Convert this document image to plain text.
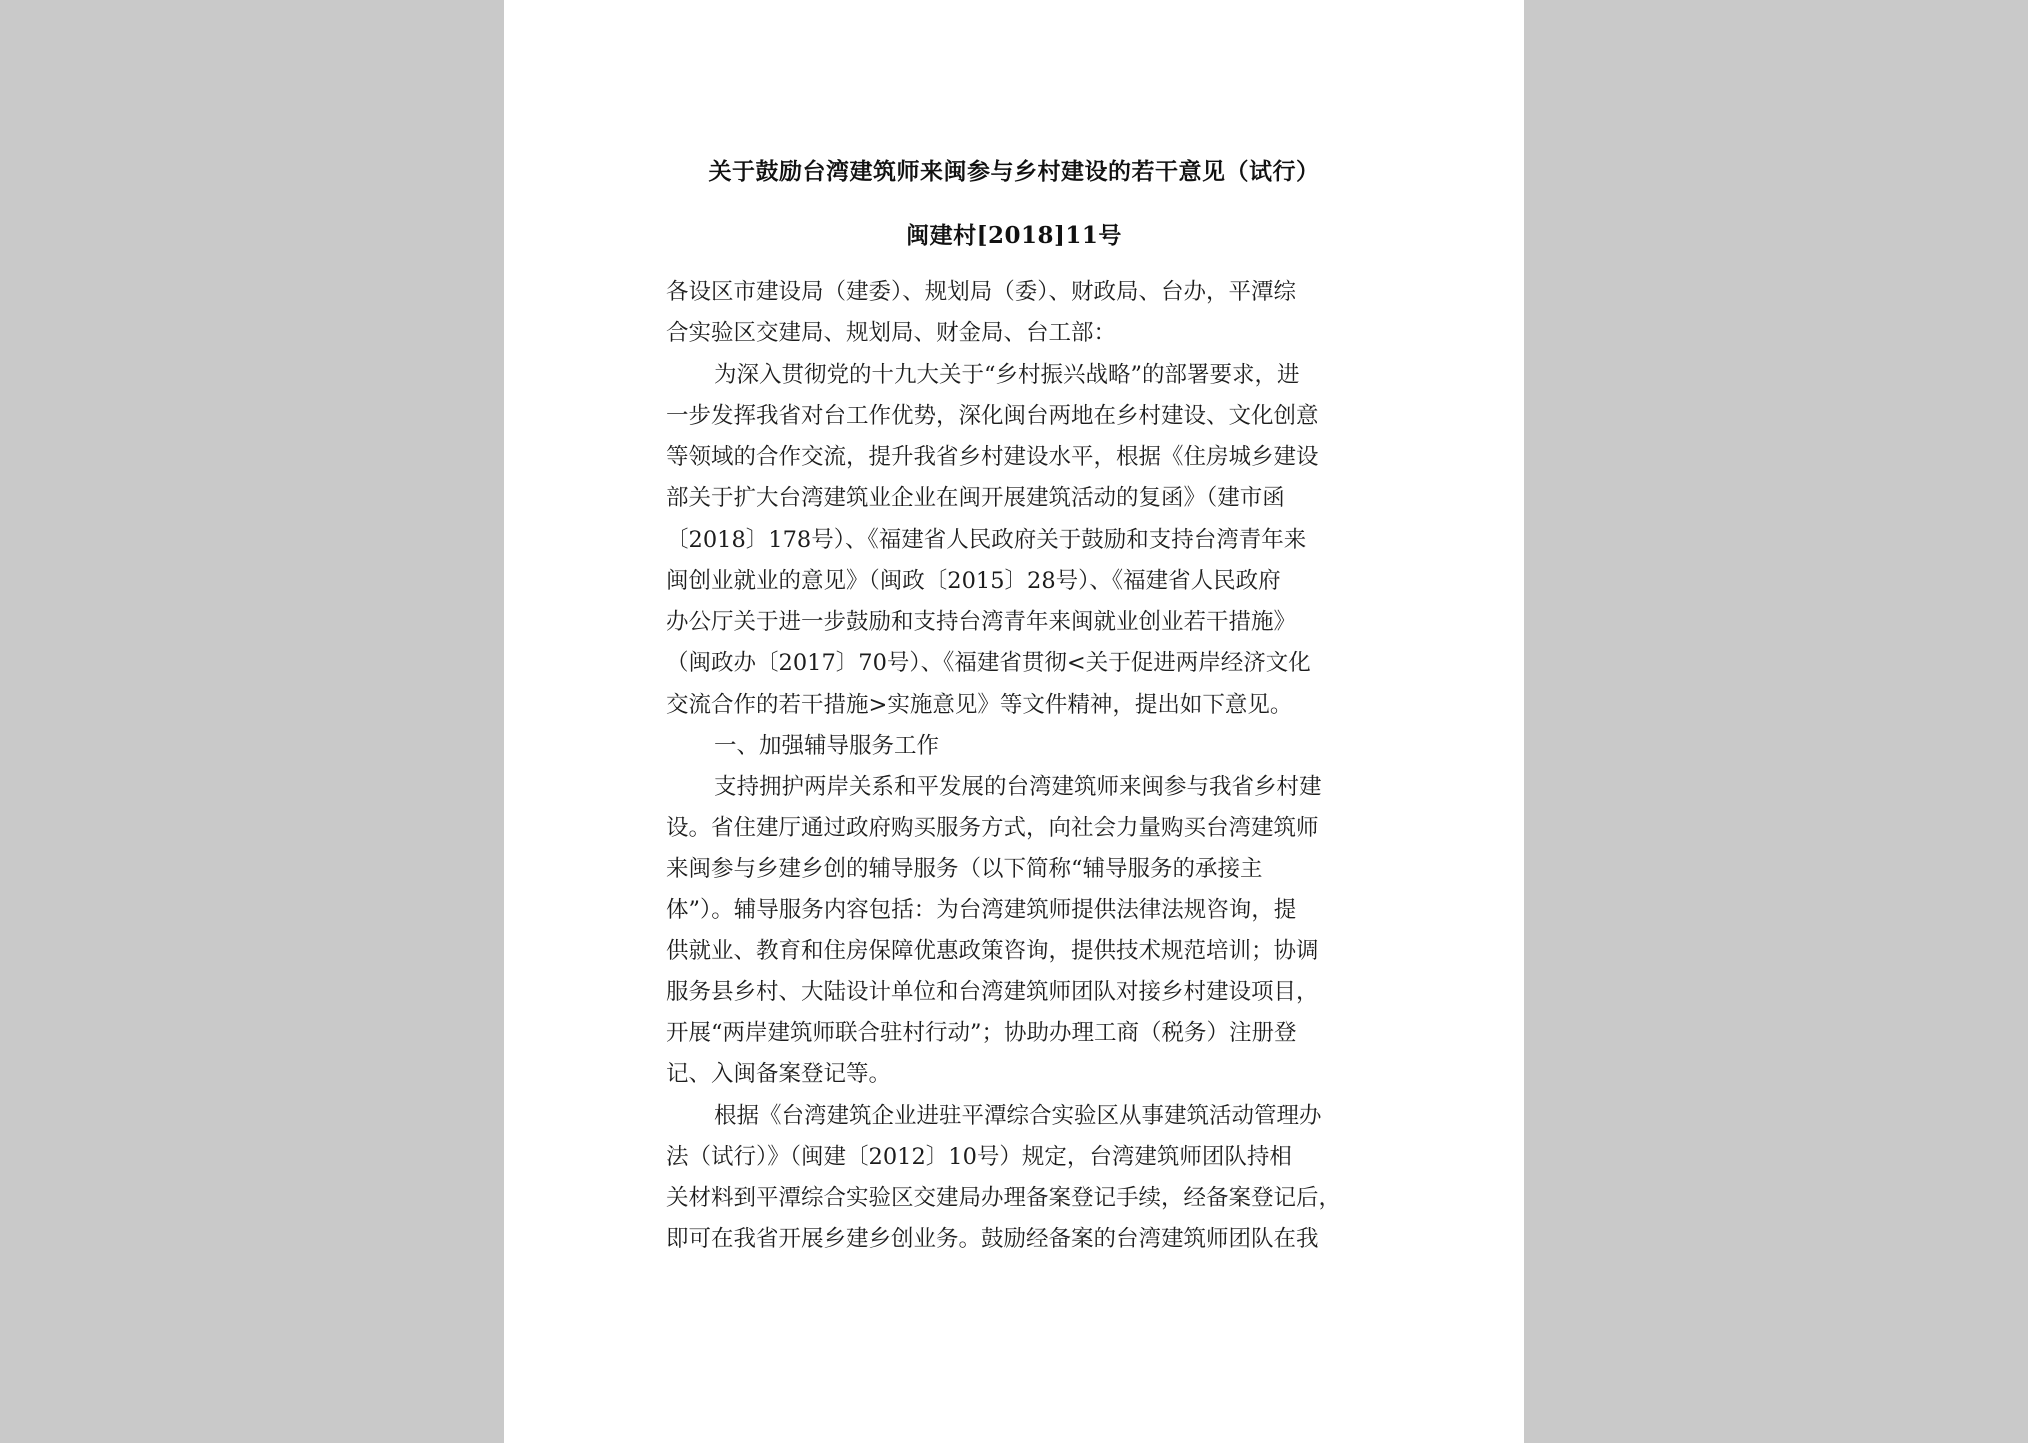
关于鼓励台湾建筑师来闽参与乡村建设的若干意见（试行）
闽建村[2018]11号
各设区市建设局（建委）、规划局（委）、财政局、台办，平潭综
合实验区交建局、规划局、财金局、台工部：
为深入贯彻党的十九大关于“乡村振兴战略”的部署要求，进
一步发挥我省对台工作优势，深化闽台两地在乡村建设、文化创意
等领域的合作交流，提升我省乡村建设水平，根据《住房城乡建设
部关于扩大台湾建筑业企业在闽开展建筑活动的复函》（建市函
〔2018〕178号）、《福建省人民政府关于鼓励和支持台湾青年来
闽创业就业的意见》（闽政〔2015〕28号）、《福建省人民政府
办公厅关于进一步鼓励和支持台湾青年来闽就业创业若干措施》
（闽政办〔2017〕70号）、《福建省贯彻<关于促进两岸经济文化
交流合作的若干措施>实施意见》等文件精神，提出如下意见。
一、加强辅导服务工作
支持拥护两岸关系和平发展的台湾建筑师来闽参与我省乡村建
设。省住建厅通过政府购买服务方式，向社会力量购买台湾建筑师
来闽参与乡建乡创的辅导服务（以下简称“辅导服务的承接主
体”）。辅导服务内容包括：为台湾建筑师提供法律法规咨询，提
供就业、教育和住房保障优惠政策咨询，提供技术规范培训；协调
服务县乡村、大陆设计单位和台湾建筑师团队对接乡村建设项目，
开展“两岸建筑师联合驻村行动”；协助办理工商（税务）注册登
记、入闽备案登记等。
根据《台湾建筑企业进驻平潭综合实验区从事建筑活动管理办
法（试行）》（闽建〔2012〕10号）规定，台湾建筑师团队持相
关材料到平潭综合实验区交建局办理备案登记手续，经备案登记后，
即可在我省开展乡建乡创业务。鼓励经备案的台湾建筑师团队在我
